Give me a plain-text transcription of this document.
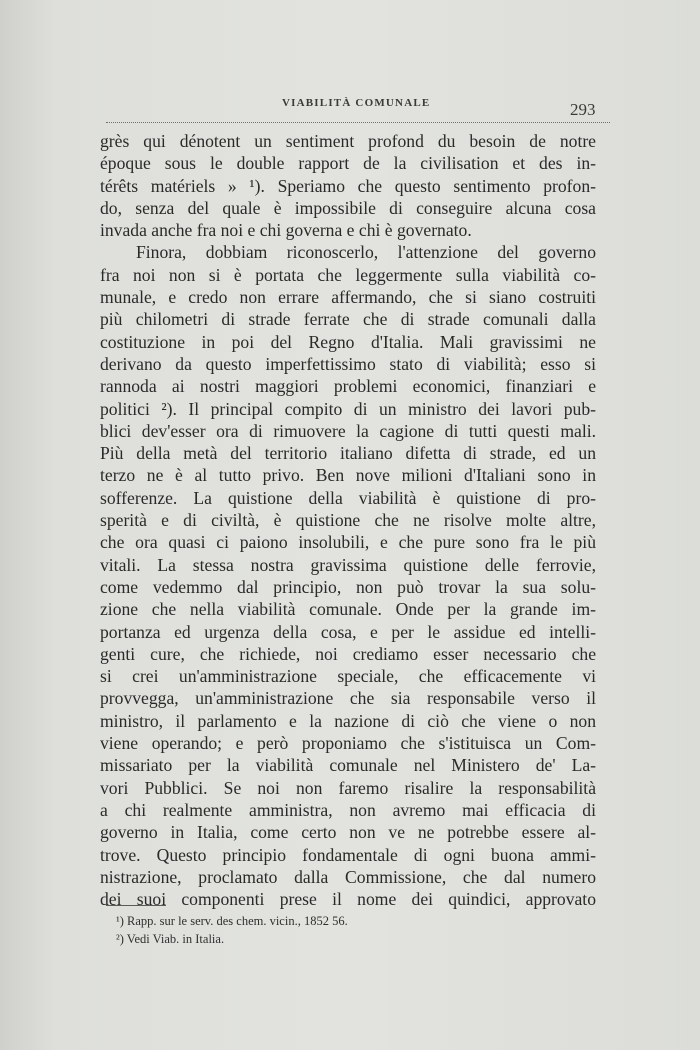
VIABILITÀ COMUNALE	293
grès qui dénotent un sentiment profond du besoin de notre
époque sous le double rapport de la civilisation et des in-
térêts matériels » ¹). Speriamo che questo sentimento profon-
do, senza del quale è impossibile di conseguire alcuna cosa
invada anche fra noi e chi governa e chi è governato.
Finora, dobbiam riconoscerlo, l'attenzione del governo
fra noi non si è portata che leggermente sulla viabilità co-
munale, e credo non errare affermando, che si siano costruiti
più chilometri di strade ferrate che di strade comunali dalla
costituzione in poi del Regno d'Italia. Mali gravissimi ne
derivano da questo imperfettissimo stato di viabilità; esso si
rannoda ai nostri maggiori problemi economici, finanziari e
politici ²). Il principal compito di un ministro dei lavori pub-
blici dev'esser ora di rimuovere la cagione di tutti questi mali.
Più della metà del territorio italiano difetta di strade, ed un
terzo ne è al tutto privo. Ben nove milioni d'Italiani sono in
sofferenze. La quistione della viabilità è quistione di pro-
sperità e di civiltà, è quistione che ne risolve molte altre,
che ora quasi ci paiono insolubili, e che pure sono fra le più
vitali. La stessa nostra gravissima quistione delle ferrovie,
come vedemmo dal principio, non può trovar la sua solu-
zione che nella viabilità comunale. Onde per la grande im-
portanza ed urgenza della cosa, e per le assidue ed intelli-
genti cure, che richiede, noi crediamo esser necessario che
si crei un'amministrazione speciale, che efficacemente vi
provvegga, un'amministrazione che sia responsabile verso il
ministro, il parlamento e la nazione di ciò che viene o non
viene operando; e però proponiamo che s'istituisca un Com-
missariato per la viabilità comunale nel Ministero de' La-
vori Pubblici. Se noi non faremo risalire la responsabilità
a chi realmente amministra, non avremo mai efficacia di
governo in Italia, come certo non ve ne potrebbe essere al-
trove. Questo principio fondamentale di ogni buona ammi-
nistrazione, proclamato dalla Commissione, che dal numero
dei suoi componenti prese il nome dei quindici, approvato
¹) Rapp. sur le serv. des chem. vicin., 1852 56.
²) Vedi Viab. in Italia.
